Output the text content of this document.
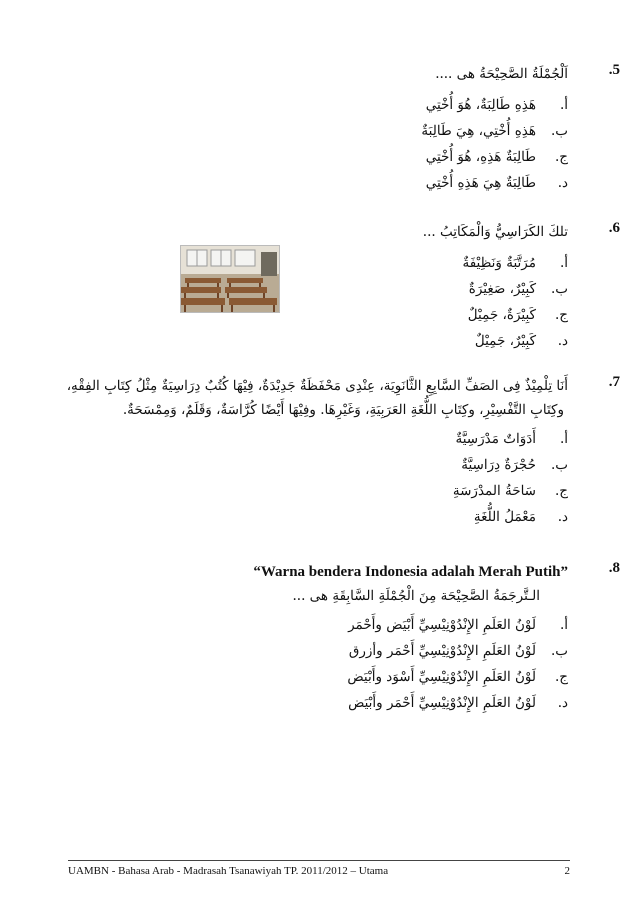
.5
اَلْجُمْلَةُ الصَّحِيْحَةُ هى ....
أ.
هَذِهِ طَالِبَةٌ، هُوَ أُخْتِي
ب.
هَذِهِ أُخْتِي، هِيَ طَالِبَةٌ
ج.
طَالِبَةٌ هَذِهِ، هُوَ أُخْتِي
د.
طَالِبَةٌ هِيَ هَذِهِ أُخْتِي
.6
تلكَ الكَرَاسِيُّ وَالْمَكَاتِبُ ...
أ.
مُرَتَّبَةٌ وَنَظِيْفَةٌ
ب.
كَبِيْرٌ، صَغِيْرَةٌ
ج.
كَبِيْرَةٌ، جَمِيْلٌ
د.
كَبِيْرٌ، جَمِيْلٌ
.7
أَنَا تِلْمِيْذٌ فِى الصَفِّ السَّابِعِ الثَّانَوِيَة، عِنْدِى مَحْفَظَةٌ جَدِيْدَةٌ، فِيْهَا كُتُبٌ دِرَاسِيَةٌ مِثْلُ كِتَابِ الفِقْهِ،
وكِتَابِ التَّفْسِيْرِ، وكِتَابِ اللُّغَةِ العَرَبِيَةِ، وَغَيْرِهَا. وفِيْهَا أَيْضًا كُرَّاسَةٌ، وَقَلَمٌ، وَمِمْسَحَةٌ.
أ.
أَدَوَاتٌ مَدْرَسِيَّةٌ
ب.
حُجْرَةٌ دِرَاسِيَّةٌ
ج.
سَاحَةُ المدْرَسَةِ
د.
مَعْمَلُ اللُّغَةِ
.8
“Warna bendera Indonesia adalah Merah Putih”
الـتَّرجَمَةُ الصَّحِيْحَة مِنَ الْجُمْلَةِ السَّابِقَةِ هى ...
أ.
لَوْنُ العَلَمِ الإِنْدُوْنِيْسِيِّ أَبْيَض وأَحْمَر
ب.
لَوْنُ العَلَمِ الإِنْدُوْنِيْسِيِّ أَحْمَر وأزرق
ج.
لَوْنُ العَلَمِ الإِنْدُوْنِيْسِيِّ أَسْوَد وأَبْيَض
د.
لَوْنُ العَلَمِ الإِنْدُوْنِيْسِيِّ أَحْمَر وأَبْيَض
UAMBN - Bahasa Arab - Madrasah Tsanawiyah TP. 2011/2012 – Utama	2
